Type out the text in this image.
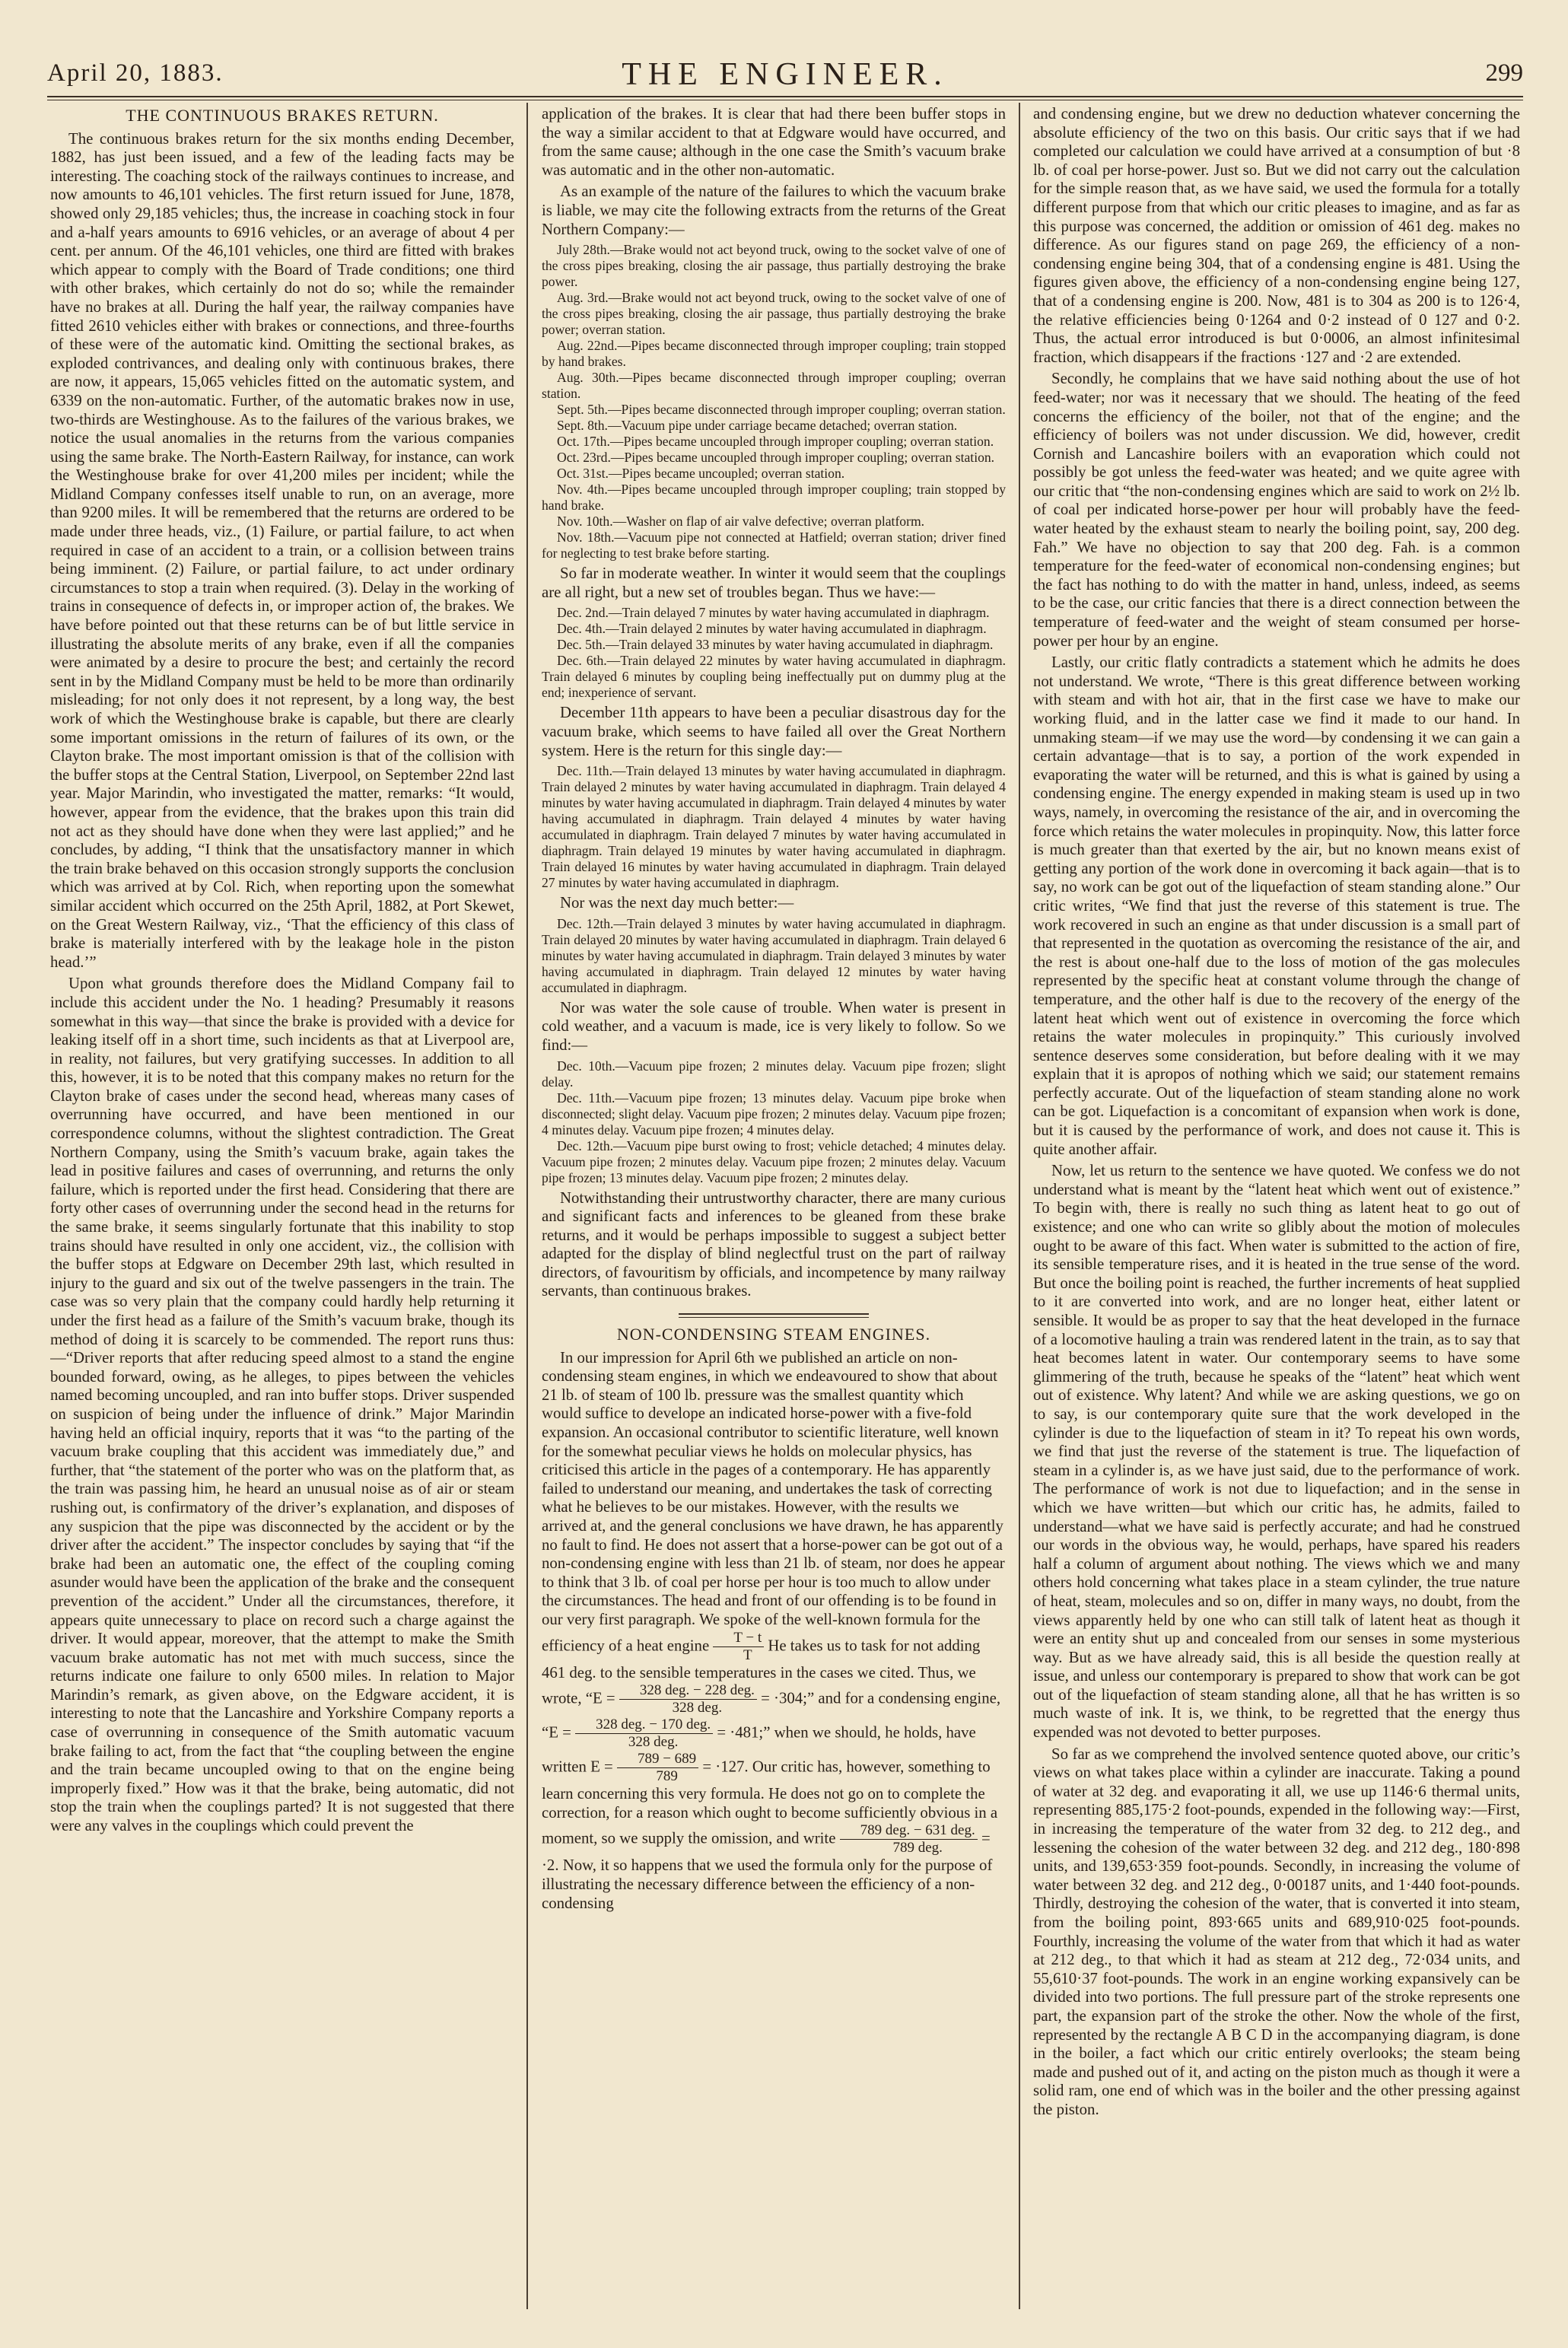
April 20, 1883.	THE ENGINEER.	299
THE CONTINUOUS BRAKES RETURN.

The continuous brakes return for the six months ending December, 1882, has just been issued, and a few of the leading facts may be interesting. The coaching stock of the railways continues to increase, and now amounts to 46,101 vehicles. The first return issued for June, 1878, showed only 29,185 vehicles; thus, the increase in coaching stock in four and a-half years amounts to 6916 vehicles, or an average of about 4 per cent. per annum. Of the 46,101 vehicles, one third are fitted with brakes which appear to comply with the Board of Trade conditions; one third with other brakes, which certainly do not do so; while the remainder have no brakes at all. During the half year, the railway companies have fitted 2610 vehicles either with brakes or connections, and three-fourths of these were of the automatic kind. Omitting the sectional brakes, as exploded contrivances, and dealing only with continuous brakes, there are now, it appears, 15,065 vehicles fitted on the automatic system, and 6339 on the non-automatic. Further, of the automatic brakes now in use, two-thirds are Westinghouse. As to the failures of the various brakes, we notice the usual anomalies in the returns from the various companies using the same brake. The North-Eastern Railway, for instance, can work the Westinghouse brake for over 41,200 miles per incident; while the Midland Company confesses itself unable to run, on an average, more than 9200 miles. It will be remembered that the returns are ordered to be made under three heads, viz., (1) Failure, or partial failure, to act when required in case of an accident to a train, or a collision between trains being imminent. (2) Failure, or partial failure, to act under ordinary circumstances to stop a train when required. (3). Delay in the working of trains in consequence of defects in, or improper action of, the brakes. We have before pointed out that these returns can be of but little service in illustrating the absolute merits of any brake, even if all the companies were animated by a desire to procure the best; and certainly the record sent in by the Midland Company must be held to be more than ordinarily misleading; for not only does it not represent, by a long way, the best work of which the Westinghouse brake is capable, but there are clearly some important omissions in the return of failures of its own, or the Clayton brake. The most important omission is that of the collision with the buffer stops at the Central Station, Liverpool, on September 22nd last year. Major Marindin, who investigated the matter, remarks: “It would, however, appear from the evidence, that the brakes upon this train did not act as they should have done when they were last applied;” and he concludes, by adding, “I think that the unsatisfactory manner in which the train brake behaved on this occasion strongly supports the conclusion which was arrived at by Col. Rich, when reporting upon the somewhat similar accident which occurred on the 25th April, 1882, at Port Skewet, on the Great Western Railway, viz., ‘That the efficiency of this class of brake is materially interfered with by the leakage hole in the piston head.’”

Upon what grounds therefore does the Midland Company fail to include this accident under the No. 1 heading? Presumably it reasons somewhat in this way—that since the brake is provided with a device for leaking itself off in a short time, such incidents as that at Liverpool are, in reality, not failures, but very gratifying successes. In addition to all this, however, it is to be noted that this company makes no return for the Clayton brake of cases under the second head, whereas many cases of overrunning have occurred, and have been mentioned in our correspondence columns, without the slightest contradiction. The Great Northern Company, using the Smith’s vacuum brake, again takes the lead in positive failures and cases of overrunning, and returns the only failure, which is reported under the first head. Considering that there are forty other cases of overrunning under the second head in the returns for the same brake, it seems singularly fortunate that this inability to stop trains should have resulted in only one accident, viz., the collision with the buffer stops at Edgware on December 29th last, which resulted in injury to the guard and six out of the twelve passengers in the train. The case was so very plain that the company could hardly help returning it under the first head as a failure of the Smith’s vacuum brake, though its method of doing it is scarcely to be commended. The report runs thus:—“Driver reports that after reducing speed almost to a stand the engine bounded forward, owing, as he alleges, to pipes between the vehicles named becoming uncoupled, and ran into buffer stops. Driver suspended on suspicion of being under the influence of drink.” Major Marindin having held an official inquiry, reports that it was “to the parting of the vacuum brake coupling that this accident was immediately due,” and further, that “the statement of the porter who was on the platform that, as the train was passing him, he heard an unusual noise as of air or steam rushing out, is confirmatory of the driver’s explanation, and disposes of any suspicion that the pipe was disconnected by the accident or by the driver after the accident.” The inspector concludes by saying that “if the brake had been an automatic one, the effect of the coupling coming asunder would have been the application of the brake and the consequent prevention of the accident.” Under all the circumstances, therefore, it appears quite unnecessary to place on record such a charge against the driver. It would appear, moreover, that the attempt to make the Smith vacuum brake automatic has not met with much success, since the returns indicate one failure to only 6500 miles. In relation to Major Marindin’s remark, as given above, on the Edgware accident, it is interesting to note that the Lancashire and Yorkshire Company reports a case of overrunning in consequence of the Smith automatic vacuum brake failing to act, from the fact that “the coupling between the engine and the train became uncoupled owing to that on the engine being improperly fixed.” How was it that the brake, being automatic, did not stop the train when the couplings parted? It is not suggested that there were any valves in the couplings which could prevent the

application of the brakes. It is clear that had there been buffer stops in the way a similar accident to that at Edgware would have occurred, and from the same cause; although in the one case the Smith’s vacuum brake was automatic and in the other non-automatic.

As an example of the nature of the failures to which the vacuum brake is liable, we may cite the following extracts from the returns of the Great Northern Company:—

July 28th.—Brake would not act beyond truck, owing to the socket valve of one of the cross pipes breaking, closing the air passage, thus partially destroying the brake power.

Aug. 3rd.—Brake would not act beyond truck, owing to the socket valve of one of the cross pipes breaking, closing the air passage, thus partially destroying the brake power; overran station.

Aug. 22nd.—Pipes became disconnected through improper coupling; train stopped by hand brakes.

Aug. 30th.—Pipes became disconnected through improper coupling; overran station.

Sept. 5th.—Pipes became disconnected through improper coupling; overran station.

Sept. 8th.—Vacuum pipe under carriage became detached; overran station.

Oct. 17th.—Pipes became uncoupled through improper coupling; overran station.

Oct. 23rd.—Pipes became uncoupled through improper coupling; overran station.

Oct. 31st.—Pipes became uncoupled; overran station.

Nov. 4th.—Pipes became uncoupled through improper coupling; train stopped by hand brake.

Nov. 10th.—Washer on flap of air valve defective; overran platform.

Nov. 18th.—Vacuum pipe not connected at Hatfield; overran station; driver fined for neglecting to test brake before starting.

So far in moderate weather. In winter it would seem that the couplings are all right, but a new set of troubles began. Thus we have:—

Dec. 2nd.—Train delayed 7 minutes by water having accumulated in diaphragm.

Dec. 4th.—Train delayed 2 minutes by water having accumulated in diaphragm.

Dec. 5th.—Train delayed 33 minutes by water having accumulated in diaphragm.

Dec. 6th.—Train delayed 22 minutes by water having accumulated in diaphragm. Train delayed 6 minutes by coupling being ineffectually put on dummy plug at the end; inexperience of servant.

December 11th appears to have been a peculiar disastrous day for the vacuum brake, which seems to have failed all over the Great Northern system. Here is the return for this single day:—

Dec. 11th.—Train delayed 13 minutes by water having accumulated in diaphragm. Train delayed 2 minutes by water having accumulated in diaphragm. Train delayed 4 minutes by water having accumulated in diaphragm. Train delayed 4 minutes by water having accumulated in diaphragm. Train delayed 4 minutes by water having accumulated in diaphragm. Train delayed 7 minutes by water having accumulated in diaphragm. Train delayed 19 minutes by water having accumulated in diaphragm. Train delayed 16 minutes by water having accumulated in diaphragm. Train delayed 27 minutes by water having accumulated in diaphragm.

Nor was the next day much better:—

Dec. 12th.—Train delayed 3 minutes by water having accumulated in diaphragm. Train delayed 20 minutes by water having accumulated in diaphragm. Train delayed 6 minutes by water having accumulated in diaphragm. Train delayed 3 minutes by water having accumulated in diaphragm. Train delayed 12 minutes by water having accumulated in diaphragm.

Nor was water the sole cause of trouble. When water is present in cold weather, and a vacuum is made, ice is very likely to follow. So we find:—

Dec. 10th.—Vacuum pipe frozen; 2 minutes delay. Vacuum pipe frozen; slight delay.

Dec. 11th.—Vacuum pipe frozen; 13 minutes delay. Vacuum pipe broke when disconnected; slight delay. Vacuum pipe frozen; 2 minutes delay. Vacuum pipe frozen; 4 minutes delay. Vacuum pipe frozen; 4 minutes delay.

Dec. 12th.—Vacuum pipe burst owing to frost; vehicle detached; 4 minutes delay. Vacuum pipe frozen; 2 minutes delay. Vacuum pipe frozen; 2 minutes delay. Vacuum pipe frozen; 13 minutes delay. Vacuum pipe frozen; 2 minutes delay.

Notwithstanding their untrustworthy character, there are many curious and significant facts and inferences to be gleaned from these brake returns, and it would be perhaps impossible to suggest a subject better adapted for the display of blind neglectful trust on the part of railway directors, of favouritism by officials, and incompetence by many railway servants, than continuous brakes.

NON-CONDENSING STEAM ENGINES.

In our impression for April 6th we published an article on non-condensing steam engines, in which we endeavoured to show that about 21 lb. of steam of 100 lb. pressure was the smallest quantity which would suffice to develope an indicated horse-power with a five-fold expansion. An occasional contributor to scientific literature, well known for the somewhat peculiar views he holds on molecular physics, has criticised this article in the pages of a contemporary. He has apparently failed to understand our meaning, and undertakes the task of correcting what he believes to be our mistakes. However, with the results we arrived at, and the general conclusions we have drawn, he has apparently no fault to find. He does not assert that a horse-power can be got out of a non-condensing engine with less than 21 lb. of steam, nor does he appear to think that 3 lb. of coal per horse per hour is too much to allow under the circumstances. The head and front of our offending is to be found in our very first paragraph. We spoke of the well-known formula for the efficiency of a heat engine $\frac{T - t}{T}$ He takes us to task for not adding 461 deg. to the sensible temperatures in the cases we cited. Thus, we wrote, “$E = \frac{\text{328 deg. − 228 deg.}}{\text{328 deg.}} = \cdot 304$;” and for a condensing engine, “$E = \frac{\text{328 deg. − 170 deg.}}{\text{328 deg.}} = \cdot 481$;” when we should, he holds, have written $E = \frac{789 - 689}{789} = \cdot 127$. Our critic has, however, something to learn concerning this very formula. He does not go on to complete the correction, for a reason which ought to become sufficiently obvious in a moment, so we supply the omission, and write $\frac{\text{789 deg. − 631 deg.}}{\text{789 deg.}} = \cdot 2$. Now, it so happens that we used the formula only for the purpose of illustrating the necessary difference between the efficiency of a non-condensing

and condensing engine, but we drew no deduction whatever concerning the absolute efficiency of the two on this basis. Our critic says that if we had completed our calculation we could have arrived at a consumption of but ·8 lb. of coal per horse-power. Just so. But we did not carry out the calculation for the simple reason that, as we have said, we used the formula for a totally different purpose from that which our critic pleases to imagine, and as far as this purpose was concerned, the addition or omission of 461 deg. makes no difference. As our figures stand on page 269, the efficiency of a non-condensing engine being 304, that of a condensing engine is 481. Using the figures given above, the efficiency of a non-condensing engine being 127, that of a condensing engine is 200. Now, 481 is to 304 as 200 is to 126·4, the relative efficiencies being 0·1264 and 0·2 instead of 0 127 and 0·2. Thus, the actual error introduced is but 0·0006, an almost infinitesimal fraction, which disappears if the fractions ·127 and ·2 are extended.

Secondly, he complains that we have said nothing about the use of hot feed-water; nor was it necessary that we should. The heating of the feed concerns the efficiency of the boiler, not that of the engine; and the efficiency of boilers was not under discussion. We did, however, credit Cornish and Lancashire boilers with an evaporation which could not possibly be got unless the feed-water was heated; and we quite agree with our critic that “the non-condensing engines which are said to work on 2½ lb. of coal per indicated horse-power per hour will probably have the feed-water heated by the exhaust steam to nearly the boiling point, say, 200 deg. Fah.” We have no objection to say that 200 deg. Fah. is a common temperature for the feed-water of economical non-condensing engines; but the fact has nothing to do with the matter in hand, unless, indeed, as seems to be the case, our critic fancies that there is a direct connection between the temperature of feed-water and the weight of steam consumed per horse-power per hour by an engine.

Lastly, our critic flatly contradicts a statement which he admits he does not understand. We wrote, “There is this great difference between working with steam and with hot air, that in the first case we have to make our working fluid, and in the latter case we find it made to our hand. In unmaking steam—if we may use the word—by condensing it we can gain a certain advantage—that is to say, a portion of the work expended in evaporating the water will be returned, and this is what is gained by using a condensing engine. The energy expended in making steam is used up in two ways, namely, in overcoming the resistance of the air, and in overcoming the force which retains the water molecules in propinquity. Now, this latter force is much greater than that exerted by the air, but no known means exist of getting any portion of the work done in overcoming it back again—that is to say, no work can be got out of the liquefaction of steam standing alone.” Our critic writes, “We find that just the reverse of this statement is true. The work recovered in such an engine as that under discussion is a small part of that represented in the quotation as overcoming the resistance of the air, and the rest is about one-half due to the loss of motion of the gas molecules represented by the specific heat at constant volume through the change of temperature, and the other half is due to the recovery of the energy of the latent heat which went out of existence in overcoming the force which retains the water molecules in propinquity.” This curiously involved sentence deserves some consideration, but before dealing with it we may explain that it is apropos of nothing which we said; our statement remains perfectly accurate. Out of the liquefaction of steam standing alone no work can be got. Liquefaction is a concomitant of expansion when work is done, but it is caused by the performance of work, and does not cause it. This is quite another affair.

Now, let us return to the sentence we have quoted. We confess we do not understand what is meant by the “latent heat which went out of existence.” To begin with, there is really no such thing as latent heat to go out of existence; and one who can write so glibly about the motion of molecules ought to be aware of this fact. When water is submitted to the action of fire, its sensible temperature rises, and it is heated in the true sense of the word. But once the boiling point is reached, the further increments of heat supplied to it are converted into work, and are no longer heat, either latent or sensible. It would be as proper to say that the heat developed in the furnace of a locomotive hauling a train was rendered latent in the train, as to say that heat becomes latent in water. Our contemporary seems to have some glimmering of the truth, because he speaks of the “latent” heat which went out of existence. Why latent? And while we are asking questions, we go on to say, is our contemporary quite sure that the work developed in the cylinder is due to the liquefaction of steam in it? To repeat his own words, we find that just the reverse of the statement is true. The liquefaction of steam in a cylinder is, as we have just said, due to the performance of work. The performance of work is not due to liquefaction; and in the sense in which we have written—but which our critic has, he admits, failed to understand—what we have said is perfectly accurate; and had he construed our words in the obvious way, he would, perhaps, have spared his readers half a column of argument about nothing. The views which we and many others hold concerning what takes place in a steam cylinder, the true nature of heat, steam, molecules and so on, differ in many ways, no doubt, from the views apparently held by one who can still talk of latent heat as though it were an entity shut up and concealed from our senses in some mysterious way. But as we have already said, this is all beside the question really at issue, and unless our contemporary is prepared to show that work can be got out of the liquefaction of steam standing alone, all that he has written is so much waste of ink. It is, we think, to be regretted that the energy thus expended was not devoted to better purposes.

So far as we comprehend the involved sentence quoted above, our critic’s views on what takes place within a cylinder are inaccurate. Taking a pound of water at 32 deg. and evaporating it all, we use up 1146·6 thermal units, representing 885,175·2 foot-pounds, expended in the following way:—First, in increasing the temperature of the water from 32 deg. to 212 deg., and lessening the cohesion of the water between 32 deg. and 212 deg., 180·898 units, and 139,653·359 foot-pounds. Secondly, in increasing the volume of water between 32 deg. and 212 deg., 0·00187 units, and 1·440 foot-pounds. Thirdly, destroying the cohesion of the water, that is converted it into steam, from the boiling point, 893·665 units and 689,910·025 foot-pounds. Fourthly, increasing the volume of the water from that which it had as water at 212 deg., to that which it had as steam at 212 deg., 72·034 units, and 55,610·37 foot-pounds. The work in an engine working expansively can be divided into two portions. The full pressure part of the stroke represents one part, the expansion part of the stroke the other. Now the whole of the first, represented by the rectangle A B C D in the accompanying diagram, is done in the boiler, a fact which our critic entirely overlooks; the steam being made and pushed out of it, and acting on the piston much as though it were a solid ram, one end of which was in the boiler and the other pressing against the piston.
